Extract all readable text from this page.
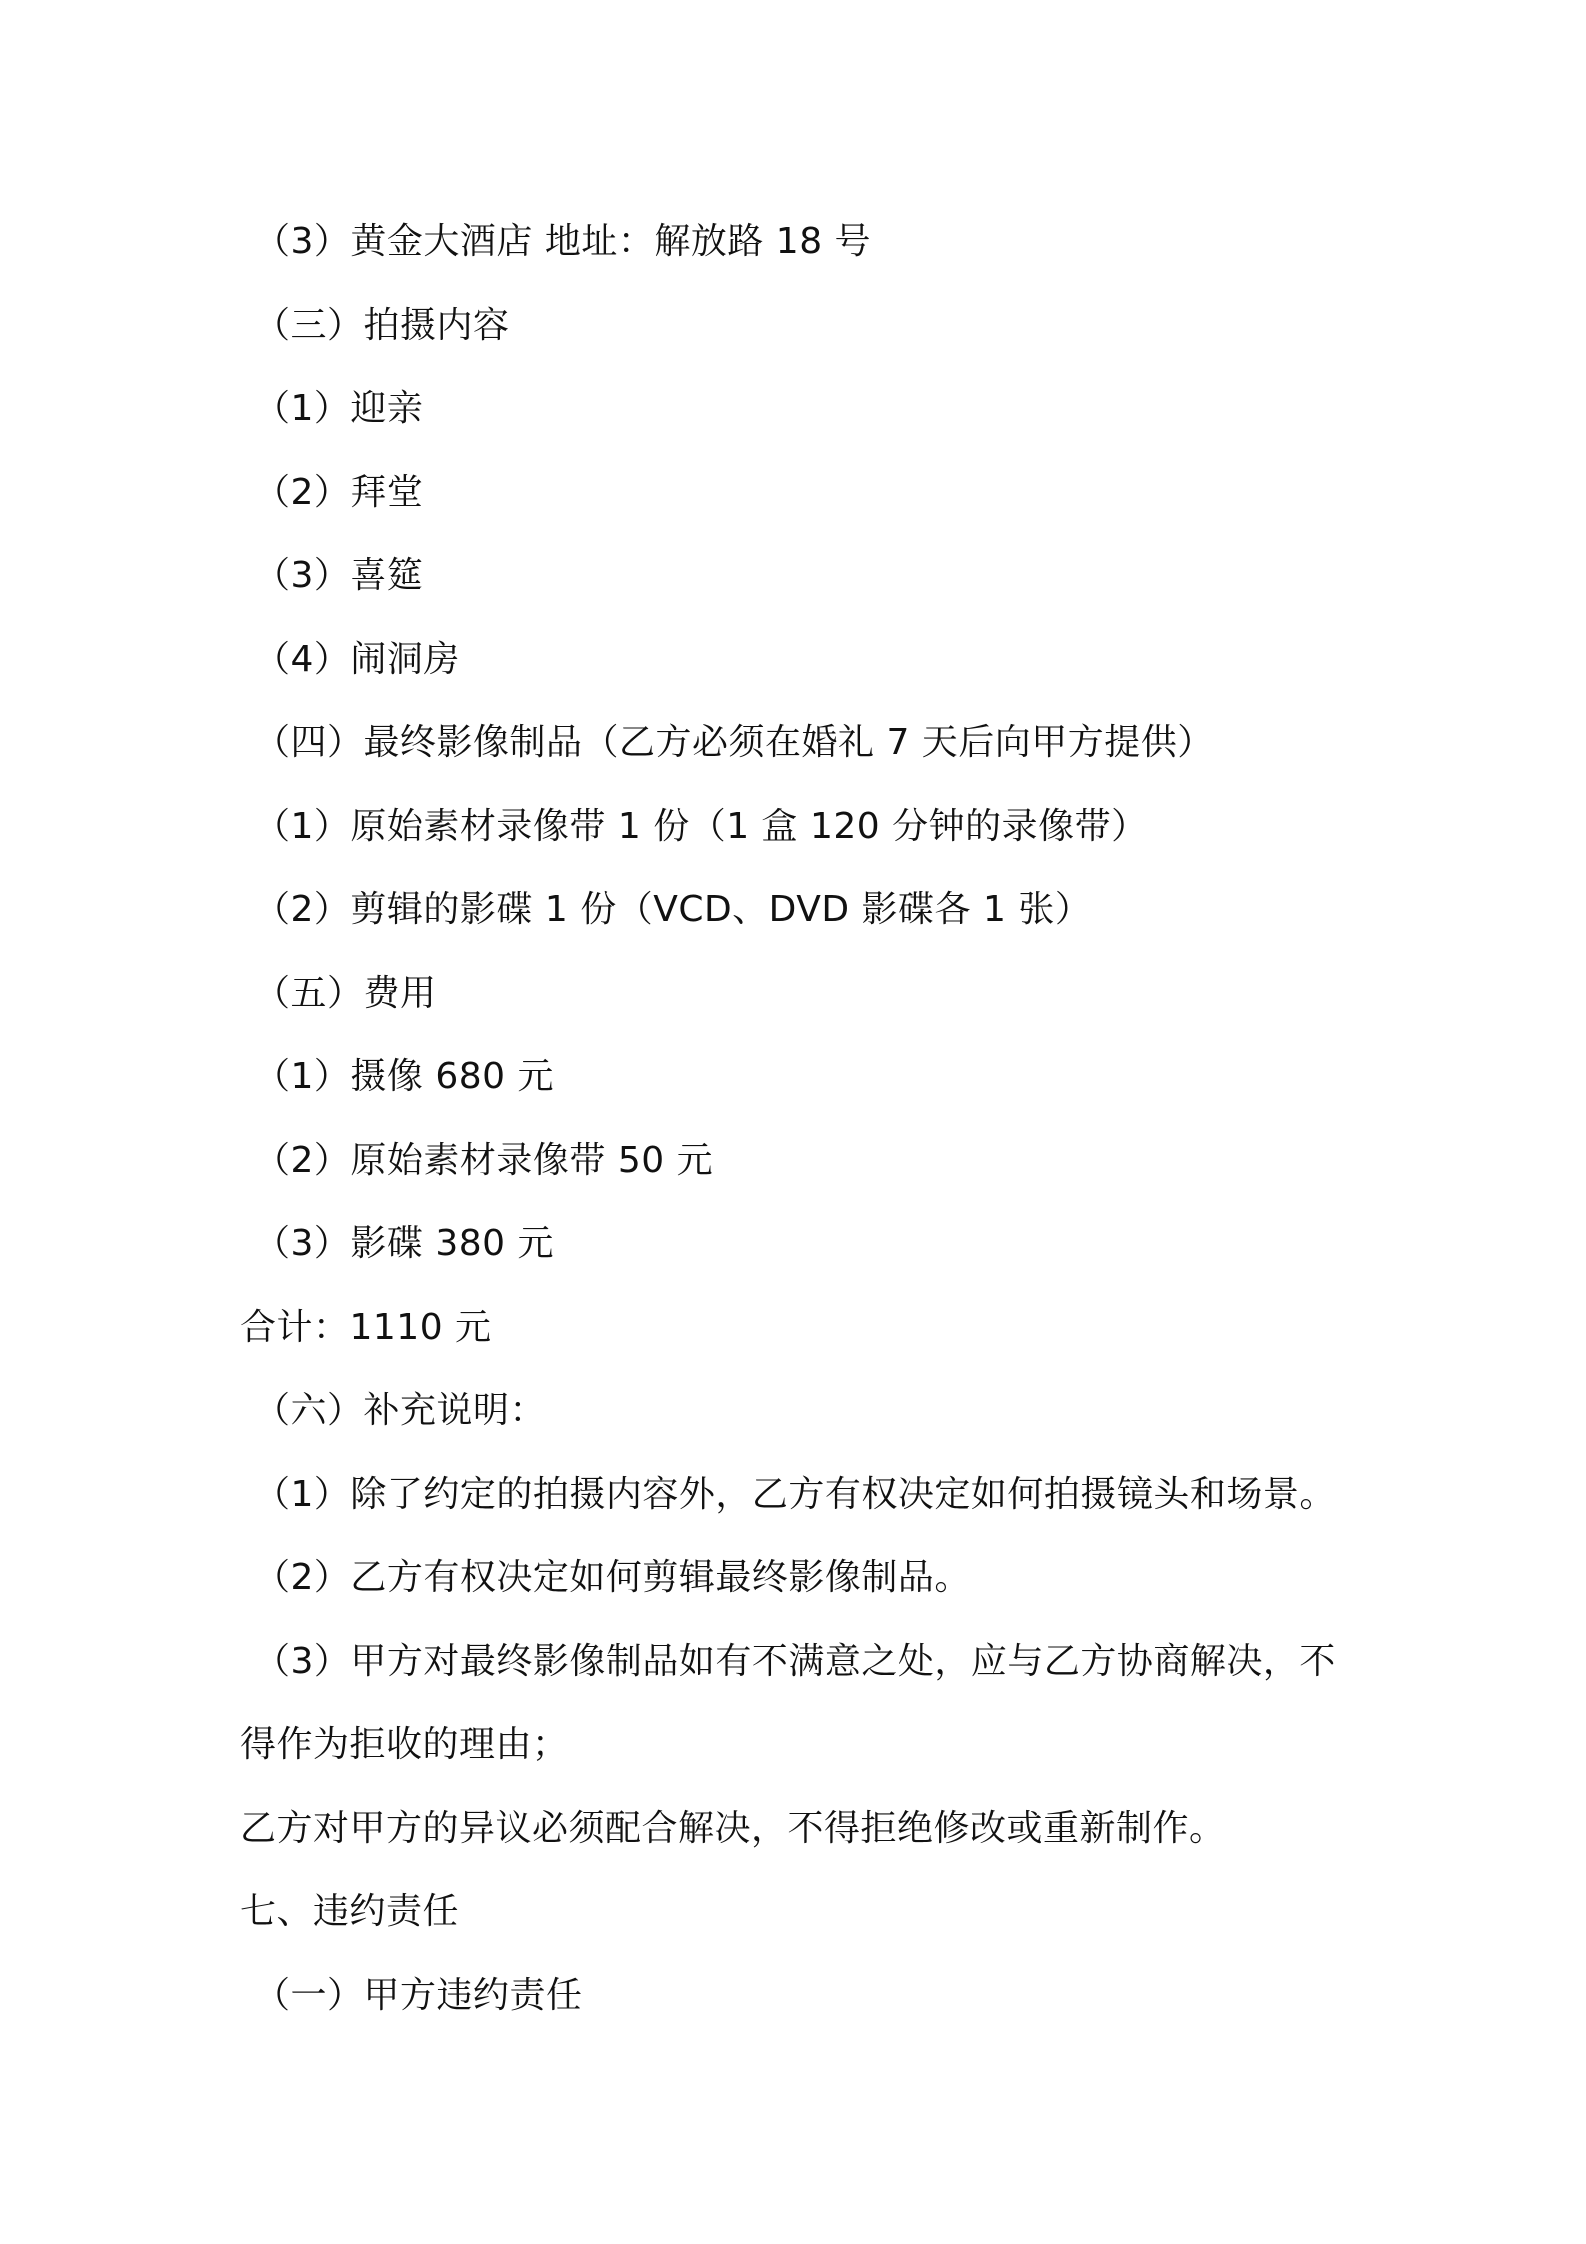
（3）黄金大酒店 地址：解放路 18 号
（三）拍摄内容
（1）迎亲
（2）拜堂
（3）喜筵
（4）闹洞房
（四）最终影像制品（乙方必须在婚礼 7 天后向甲方提供）
（1）原始素材录像带 1 份（1 盒 120 分钟的录像带）
（2）剪辑的影碟 1 份（VCD、DVD 影碟各 1 张）
（五）费用
（1）摄像 680 元
（2）原始素材录像带 50 元
（3）影碟 380 元
合计：1110 元
（六）补充说明：
（1）除了约定的拍摄内容外，乙方有权决定如何拍摄镜头和场景。
（2）乙方有权决定如何剪辑最终影像制品。
（3）甲方对最终影像制品如有不满意之处，应与乙方协商解决，不
得作为拒收的理由；
乙方对甲方的异议必须配合解决，不得拒绝修改或重新制作。
七、违约责任
（一）甲方违约责任
